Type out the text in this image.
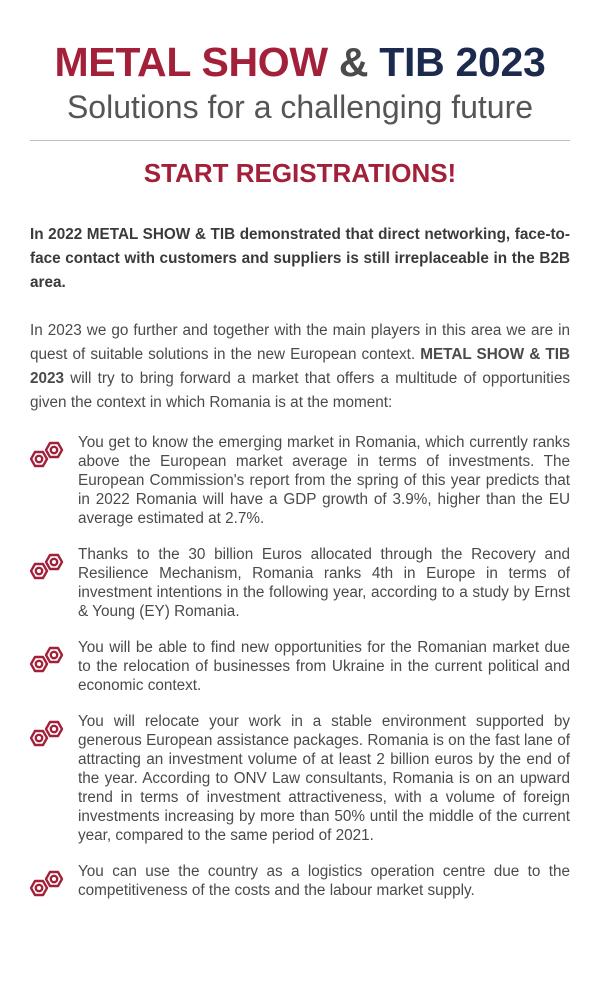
METAL SHOW & TIB 2023
Solutions for a challenging future
START REGISTRATIONS!

In 2022 METAL SHOW & TIB demonstrated that direct networking, face-to-face contact with customers and suppliers is still irreplaceable in the B2B area.

In 2023 we go further and together with the main players in this area we are in quest of suitable solutions in the new European context. METAL SHOW & TIB 2023 will try to bring forward a market that offers a multitude of opportunities given the context in which Romania is at the moment:

You get to know the emerging market in Romania, which currently ranks above the European market average in terms of investments. The European Commission's report from the spring of this year predicts that in 2022 Romania will have a GDP growth of 3.9%, higher than the EU average estimated at 2.7%.
Thanks to the 30 billion Euros allocated through the Recovery and Resilience Mechanism, Romania ranks 4th in Europe in terms of investment intentions in the following year, according to a study by Ernst & Young (EY) Romania.
You will be able to find new opportunities for the Romanian market due to the relocation of businesses from Ukraine in the current political and economic context.
You will relocate your work in a stable environment supported by generous European assistance packages. Romania is on the fast lane of attracting an investment volume of at least 2 billion euros by the end of the year. According to ONV Law consultants, Romania is on an upward trend in terms of investment attractiveness, with a volume of foreign investments increasing by more than 50% until the middle of the current year, compared to the same period of 2021.
You can use the country as a logistics operation centre due to the competitiveness of the costs and the labour market supply.
